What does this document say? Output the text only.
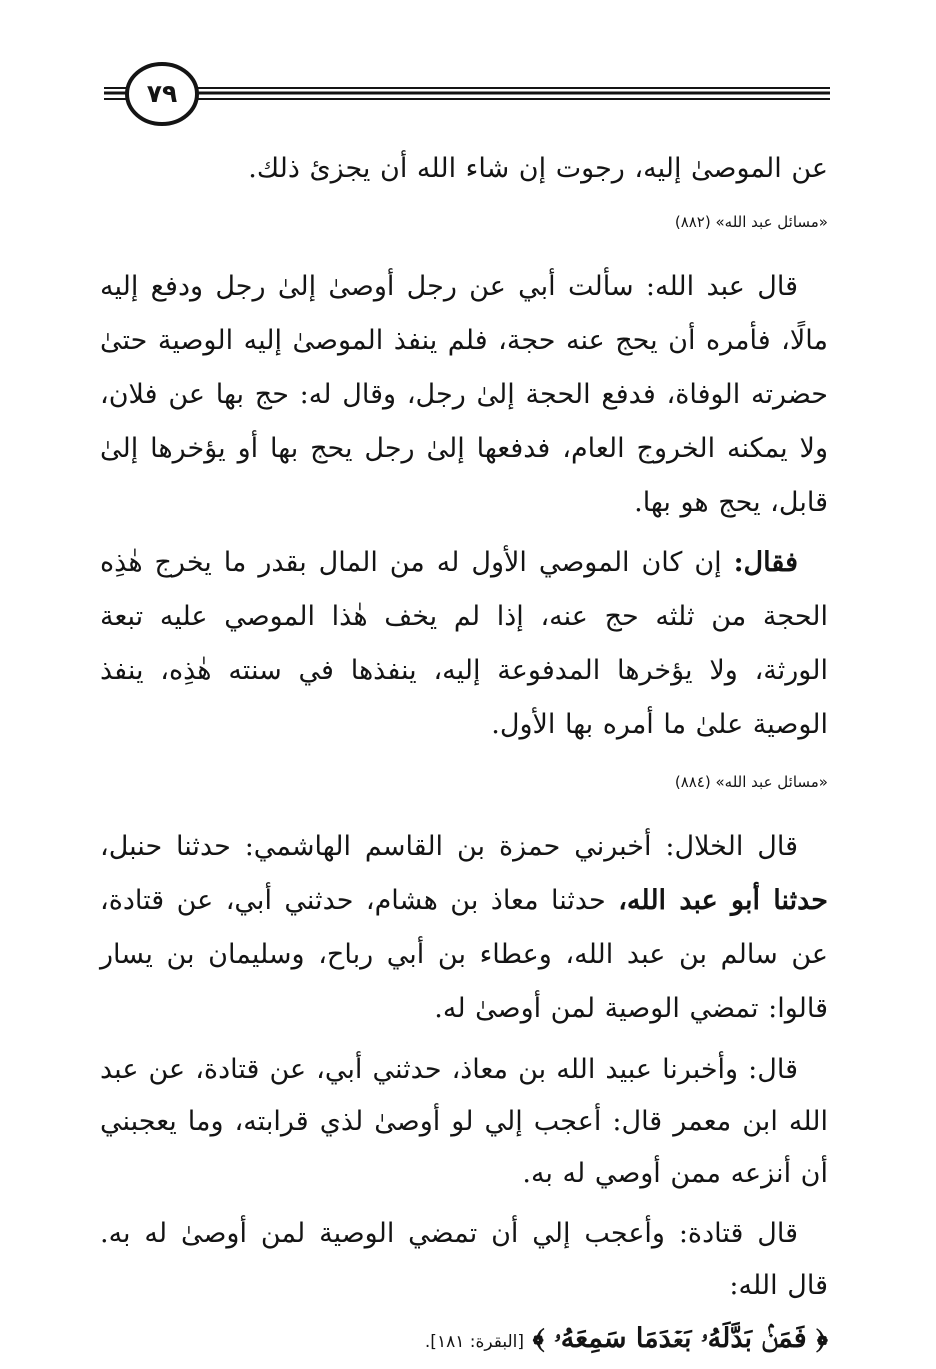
٧٩

عن الموصىٰ إليه، رجوت إن شاء الله أن يجزئ ذلك.

«مسائل عبد الله» (٨٨٢)

قال عبد الله: سألت أبي عن رجل أوصىٰ إلىٰ رجل ودفع إليه مالًا، فأمره أن يحج عنه حجة، فلم ينفذ الموصىٰ إليه الوصية حتىٰ حضرته الوفاة، فدفع الحجة إلىٰ رجل، وقال له: حج بها عن فلان، ولا يمكنه الخروج العام، فدفعها إلىٰ رجل يحج بها أو يؤخرها إلىٰ قابل، يحج هو بها.

فقال: إن كان الموصي الأول له من المال بقدر ما يخرج هٰذِه الحجة من ثلثه حج عنه، إذا لم يخف هٰذا الموصي عليه تبعة الورثة، ولا يؤخرها المدفوعة إليه، ينفذها في سنته هٰذِه، ينفذ الوصية علىٰ ما أمره بها الأول.

«مسائل عبد الله» (٨٨٤)

قال الخلال: أخبرني حمزة بن القاسم الهاشمي: حدثنا حنبل، حدثنا أبو عبد الله، حدثنا معاذ بن هشام، حدثني أبي، عن قتادة، عن سالم بن عبد الله، وعطاء بن أبي رباح، وسليمان بن يسار قالوا: تمضي الوصية لمن أوصىٰ له.

قال: وأخبرنا عبيد الله بن معاذ، حدثني أبي، عن قتادة، عن عبد الله ابن معمر قال: أعجب إلي لو أوصىٰ لذي قرابته، وما يعجبني أن أنزعه ممن أوصي له به.

قال قتادة: وأعجب إلي أن تمضي الوصية لمن أوصىٰ له به. قال الله:

﴿ فَمَنۢ بَدَّلَهُۥ بَعۡدَمَا سَمِعَهُۥ ﴾ [البقرة: ١٨١].
